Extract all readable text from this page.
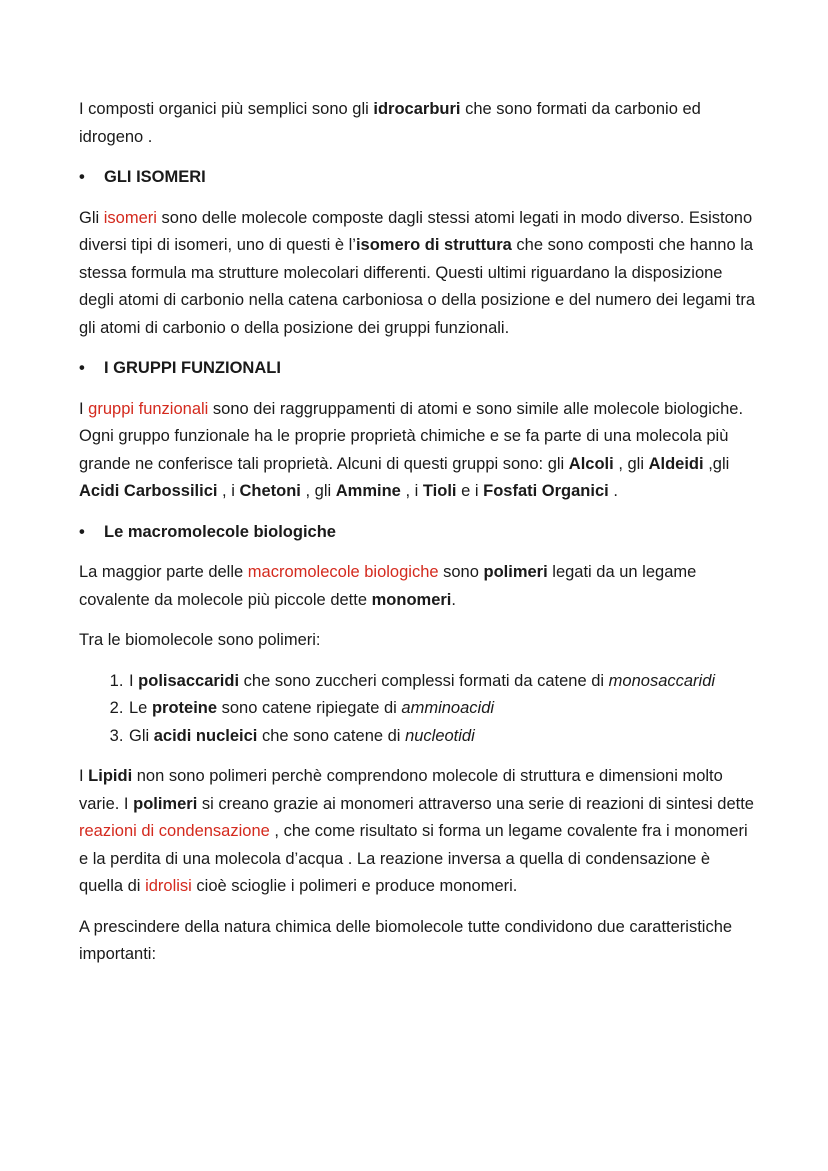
I composti organici più semplici sono gli idrocarburi che sono formati da carbonio ed idrogeno .

•	GLI ISOMERI

Gli isomeri sono delle molecole composte dagli stessi atomi legati in modo diverso. Esistono diversi tipi di isomeri, uno di questi è l’isomero di struttura che sono composti che hanno la stessa formula ma strutture molecolari differenti. Questi ultimi riguardano la disposizione degli atomi di carbonio nella catena carboniosa o della posizione e del numero dei legami tra gli atomi di carbonio o della posizione dei gruppi funzionali.

•	I GRUPPI FUNZIONALI

I gruppi funzionali sono dei raggruppamenti di atomi e sono simile alle molecole biologiche. Ogni gruppo funzionale ha le proprie proprietà chimiche e se fa parte di una molecola più grande ne conferisce tali proprietà. Alcuni di questi gruppi sono: gli Alcoli , gli Aldeidi ,gli Acidi Carbossilici , i Chetoni , gli Ammine , i Tioli e i Fosfati Organici .

•	Le macromolecole biologiche

La maggior parte delle macromolecole biologiche sono polimeri legati da un legame covalente da molecole più piccole dette monomeri.

Tra le biomolecole sono polimeri:

1. I polisaccaridi che sono zuccheri complessi formati da catene di monosaccaridi
2. Le proteine sono catene ripiegate di amminoacidi
3. Gli acidi nucleici che sono catene di nucleotidi

I Lipidi non sono polimeri perchè comprendono molecole di struttura e dimensioni molto varie. I polimeri si creano grazie ai monomeri attraverso una serie di reazioni di sintesi dette reazioni di condensazione , che come risultato si forma un legame covalente fra i monomeri e la perdita di una molecola d’acqua . La reazione inversa a quella di condensazione è quella di idrolisi cioè scioglie i polimeri e produce monomeri.

A prescindere della natura chimica delle biomolecole tutte condividono due caratteristiche importanti:
